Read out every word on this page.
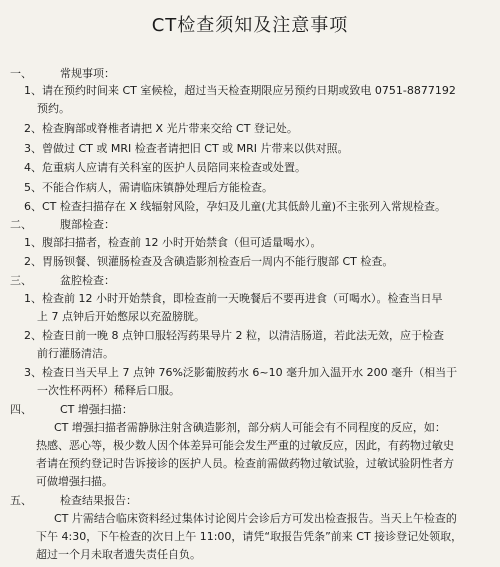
CT检查须知及注意事项
一、	常规事项：
1、请在预约时间来 CT 室候检，超过当天检查期限应另预约日期或致电 0751-8877192
预约。
2、检查胸部或脊椎者请把 X 光片带来交给 CT 登记处。
3、曾做过 CT 或 MRI 检查者请把旧 CT 或 MRI 片带来以供对照。
4、危重病人应请有关科室的医护人员陪同来检查或处置。
5、不能合作病人，需请临床镇静处理后方能检查。
6、CT 检查扫描存在 X 线辐射风险，孕妇及儿童(尤其低龄儿童)不主张列入常规检查。
二、	腹部检查：
1、腹部扫描者，检查前 12 小时开始禁食（但可适量喝水）。
2、胃肠钡餐、钡灌肠检查及含碘造影剂检查后一周内不能行腹部 CT 检查。
三、	盆腔检查：
1、检查前 12 小时开始禁食，即检查前一天晚餐后不要再进食（可喝水）。检查当日早
上 7 点钟后开始憋尿以充盈膀胱。
2、检查日前一晚 8 点钟口服轻泻药果导片 2 粒，以清洁肠道，若此法无效，应于检查
前行灌肠清洁。
3、检查日当天早上 7 点钟 76%泛影葡胺药水 6~10 毫升加入温开水 200 毫升（相当于
一次性杯两杯）稀释后口服。
四、	CT 增强扫描：
CT 增强扫描者需静脉注射含碘造影剂，部分病人可能会有不同程度的反应，如：
热感、恶心等，极少数人因个体差异可能会发生严重的过敏反应，因此，有药物过敏史
者请在预约登记时告诉接诊的医护人员。检查前需做药物过敏试验，过敏试验阴性者方
可做增强扫描。
五、	检查结果报告：
CT 片需结合临床资料经过集体讨论阅片会诊后方可发出检查报告。当天上午检查的
下午 4:30，下午检查的次日上午 11:00，请凭“取报告凭条”前来 CT 接诊登记处领取，
超过一个月未取者遗失责任自负。
